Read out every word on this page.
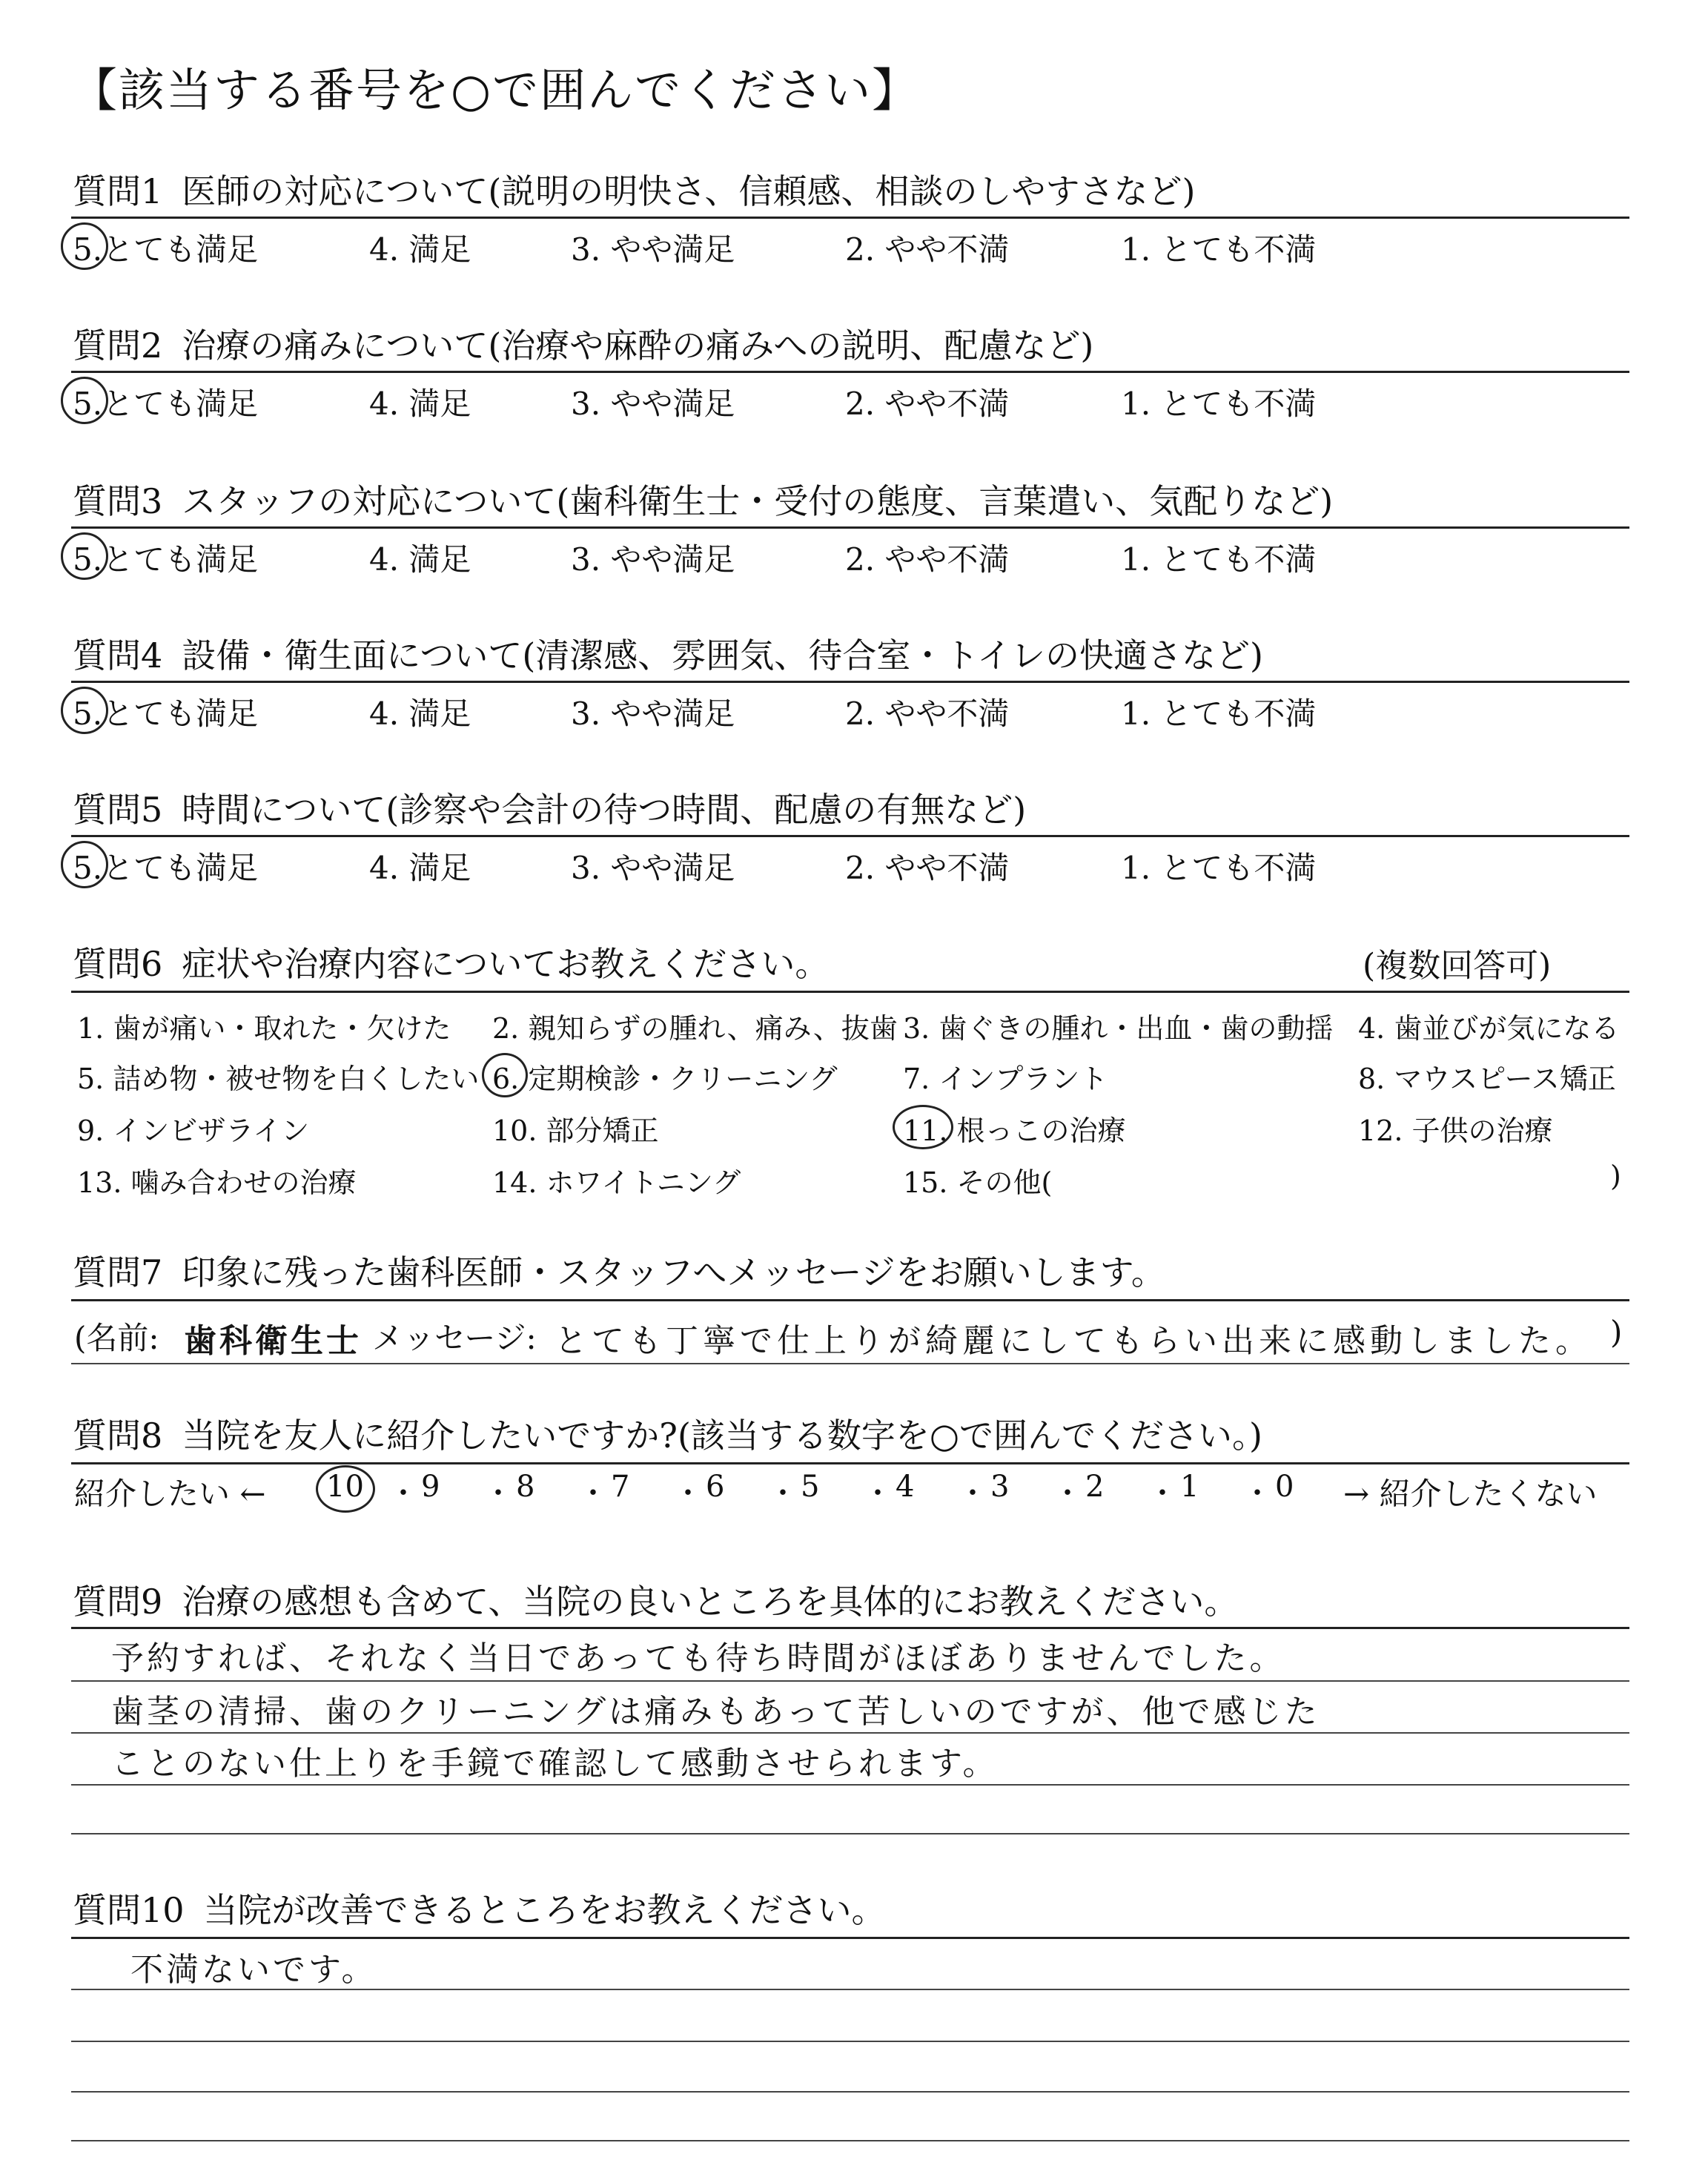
【該当する番号を○で囲んでください】
質問1 医師の対応について(説明の明快さ、信頼感、相談のしやすさなど)
5.とても満足	4. 満足	3. やや満足	2. やや不満	1. とても不満
質問2 治療の痛みについて(治療や麻酔の痛みへの説明、配慮など)
5.とても満足	4. 満足	3. やや満足	2. やや不満	1. とても不満
質問3 スタッフの対応について(歯科衛生士・受付の態度、言葉遣い、気配りなど)
5.とても満足	4. 満足	3. やや満足	2. やや不満	1. とても不満
質問4 設備・衛生面について(清潔感、雰囲気、待合室・トイレの快適さなど)
5.とても満足	4. 満足	3. やや満足	2. やや不満	1. とても不満
質問5 時間について(診察や会計の待つ時間、配慮の有無など)
5.とても満足	4. 満足	3. やや満足	2. やや不満	1. とても不満
質問6 症状や治療内容についてお教えください。	(複数回答可)
1. 歯が痛い・取れた・欠けた 2. 親知らずの腫れ、痛み、抜歯 3. 歯ぐきの腫れ・出血・歯の動揺 4. 歯並びが気になる
5. 詰め物・被せ物を白くしたい 6. 定期検診・クリーニング 7. インプラント	8. マウスピース矯正
9. インビザライン	10. 部分矯正	11. 根っこの治療	12. 子供の治療
13. 噛み合わせの治療	14. ホワイトニング	15. その他(	)
質問7 印象に残った歯科医師・スタッフへメッセージをお願いします。
(名前: 歯科衛生士 メッセージ: とても丁寧で仕上りが綺麗にしてもらい出来に感動しました。 )
質問8 当院を友人に紹介したいですか?(該当する数字を○で囲んでください。)
紹介したい ← 10 ・ 9 ・ 8 ・ 7 ・ 6 ・ 5 ・ 4 ・ 3 ・ 2 ・ 1 ・ 0 → 紹介したくない
質問9 治療の感想も含めて、当院の良いところを具体的にお教えください。
予約すれば、それなく当日であっても待ち時間がほぼありませんでした。
歯茎の清掃、歯のクリーニングは痛みもあって苦しいのですが、他で感じた
ことのない仕上りを手鏡で確認して感動させられます。
質問10 当院が改善できるところをお教えください。
不満ないです。
